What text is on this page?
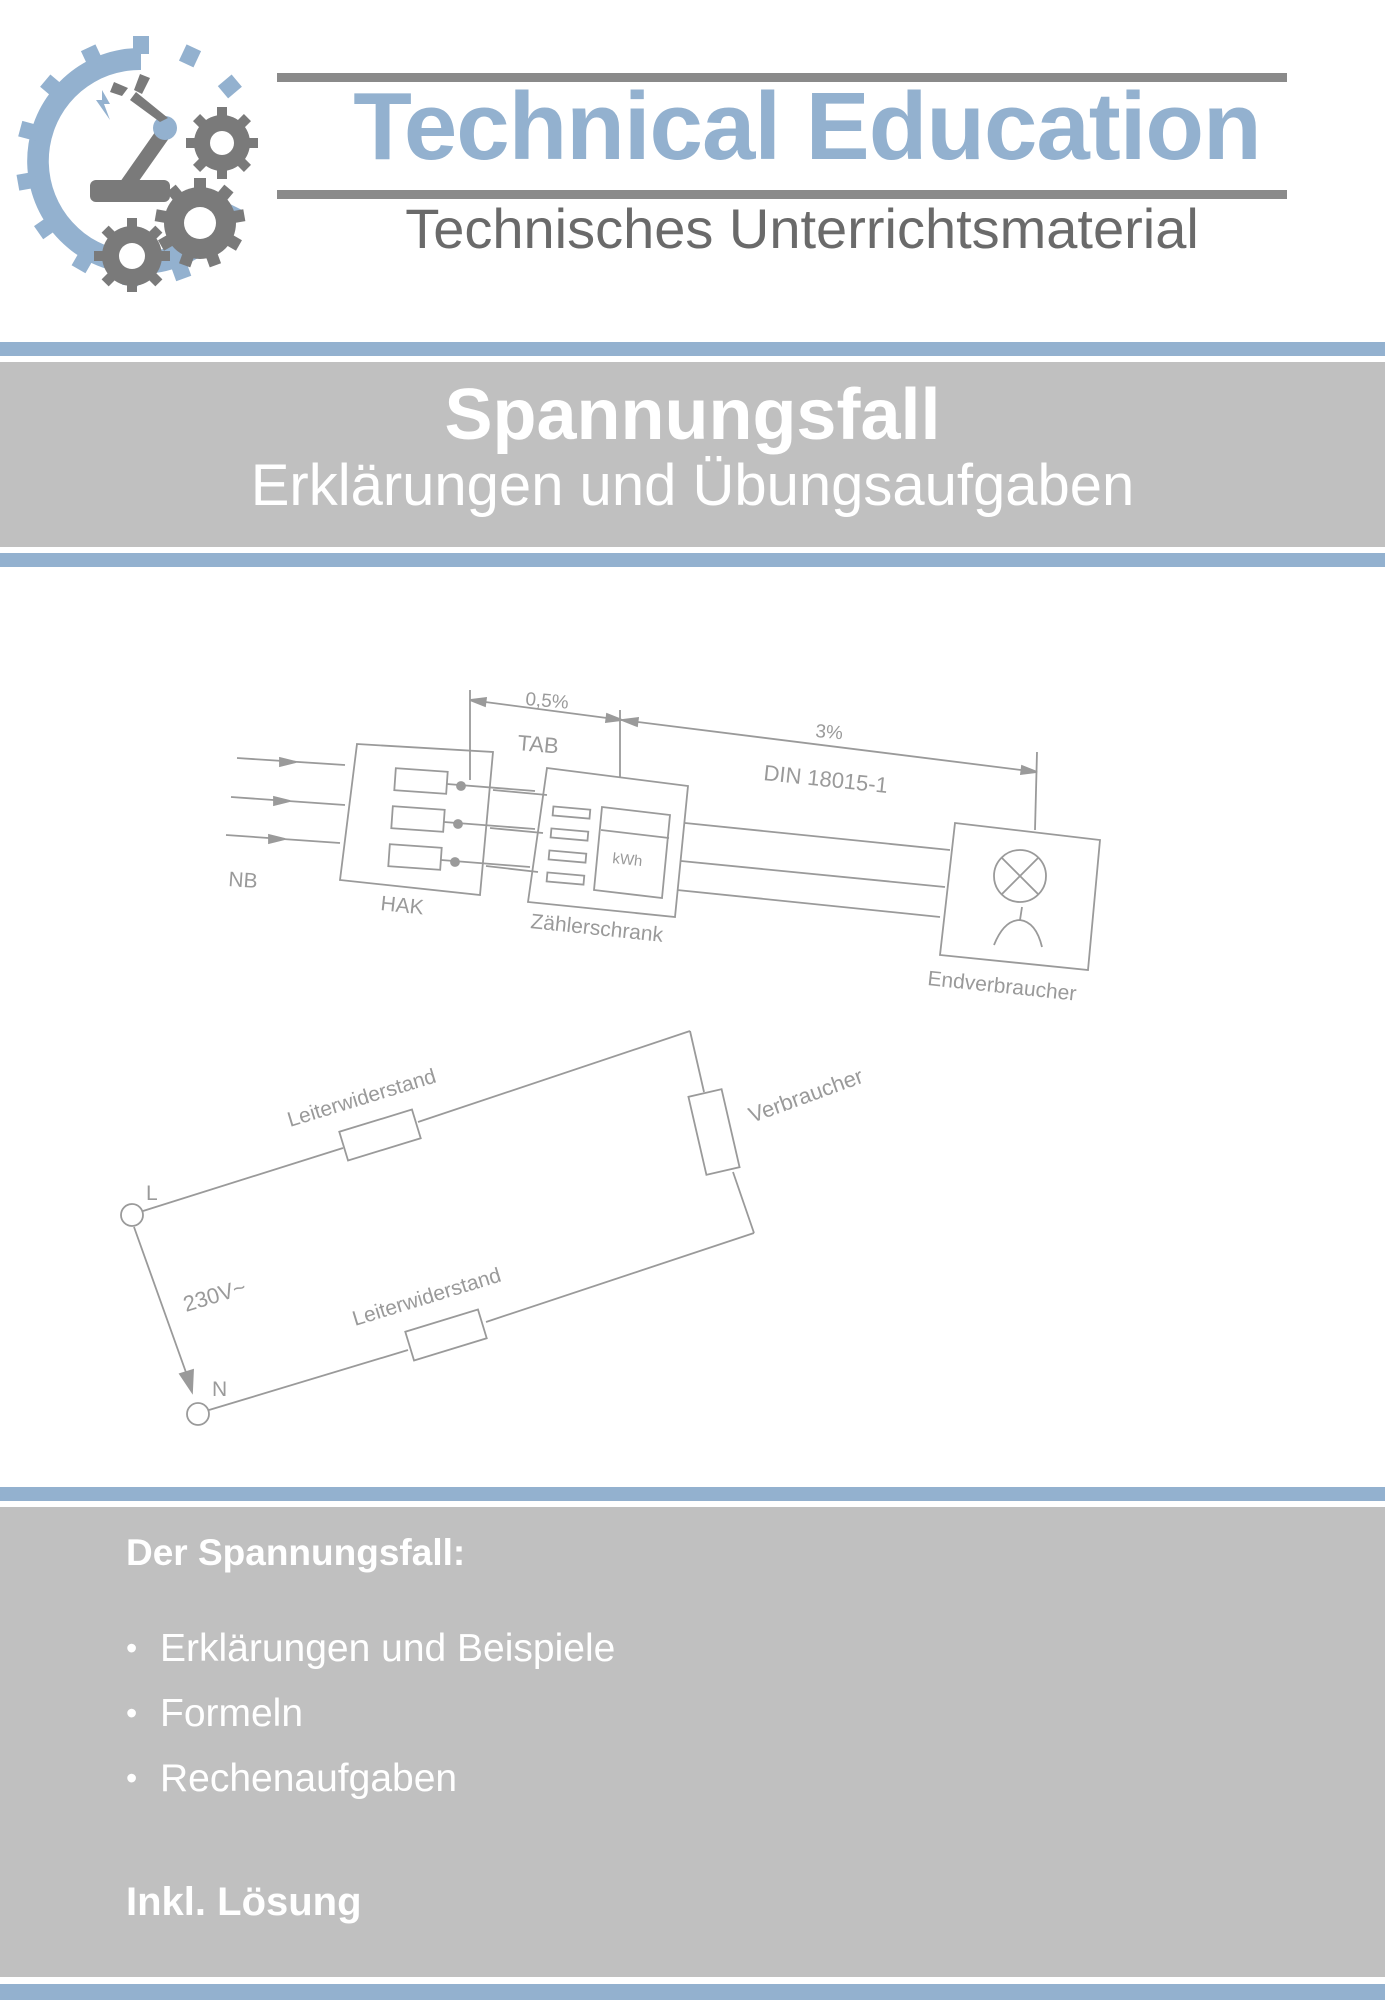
Technical Education
Technisches Unterrichtsmaterial
Spannungsfall
Erklärungen und Übungsaufgaben
0,5%
TAB	3%
DIN 18015-1
NB
HAK
Zählerschrank
kWh
Endverbraucher
L
N
230V~
Leiterwiderstand
Leiterwiderstand
Verbraucher
Der Spannungsfall:
• Erklärungen und Beispiele
• Formeln
• Rechenaufgaben
Inkl. Lösung
